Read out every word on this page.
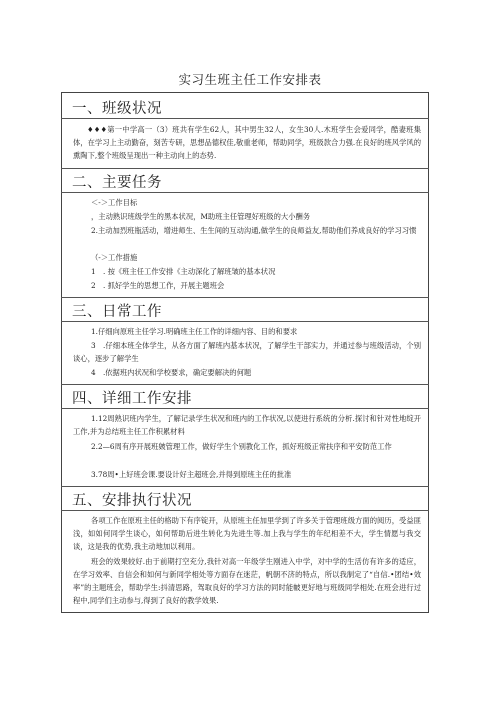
实习生班主任工作安排表
一、班级状况

♦♦♦第一中学高一（3）班共有学生62人，其中男生32人，女生30人.木班学生会爱同学，酷妻班集体，在学习上主动勤奋，刻苦专研，思想品德权佳,敬重老师，帮助同学，班级款合力强.在良好的班风学风的熏陶下,整个班级呈现出一种主动向上的态势.

二、主要任务
＜-＞工作目标
，主动熟识班级学生的黑本状况，M助班主任管理好班级的大小酬务

2.主动加烈班瓶活动，增进师生、生生间的互动沟通,做学生的良师益友,帮助他们养成良好的学习习惯

（-＞工作措施
1　. 按《班主任工作安排《主动深化了解班皱的基本状况
2　. 抓好学生的思想工作，开展主题班会
三、日常工作
1.仔细向原班主任学习.明确班主任工作的详细内容、目的和要求

3　.仔细本班全体学生，从各方面了解班内基本状况，了解学生干部实力，并通过参与班级活动，个别谈心，逐步了解学生

4　.依据班内状况和学校要求，确定要解决的何题
四、详细工作安排

1.12周熟识班内学生，了解记录学生状况和班内的工作状况,以使进行系统的分析.探讨和针对性地绽开工作,并为总结班主任工作积累材料

2.2—6周有序开展班皴管理工作，做好学生个别教化工作，抓好班级正常扶序和平安防范工作

3.78周•上好班会课.要设计好主超班会,并得到原班主任的批准
五、安排执行状况

各项工作在原班主任的格助下有序锭开，从原班主任加里学到了许多关于管理班级方面的阅历，受益匪浅，如如何同学生谈心，如何帮助后进生转化为先进生等.加上我与学生的年纪相差不大，学生情愿与我交谈，这是我的优势,我主动地加以利用。

班会的效果较好.由于前期打空充分,我针对高一年级学生刚进入中学，对中学的生活仿有许多的适应，在学习效率、自信会和如何与新同学相处等方面存在迷茫，帆朝不济的特点，所以我制定了“自信.•团结•效率”的主题班会，帮助学生:抖清思路，驾取良好的学习方法的同时能帔更好地与班级同学相处.在班会进行过程中,同学们主动参与,得到了良好的教学效果.
